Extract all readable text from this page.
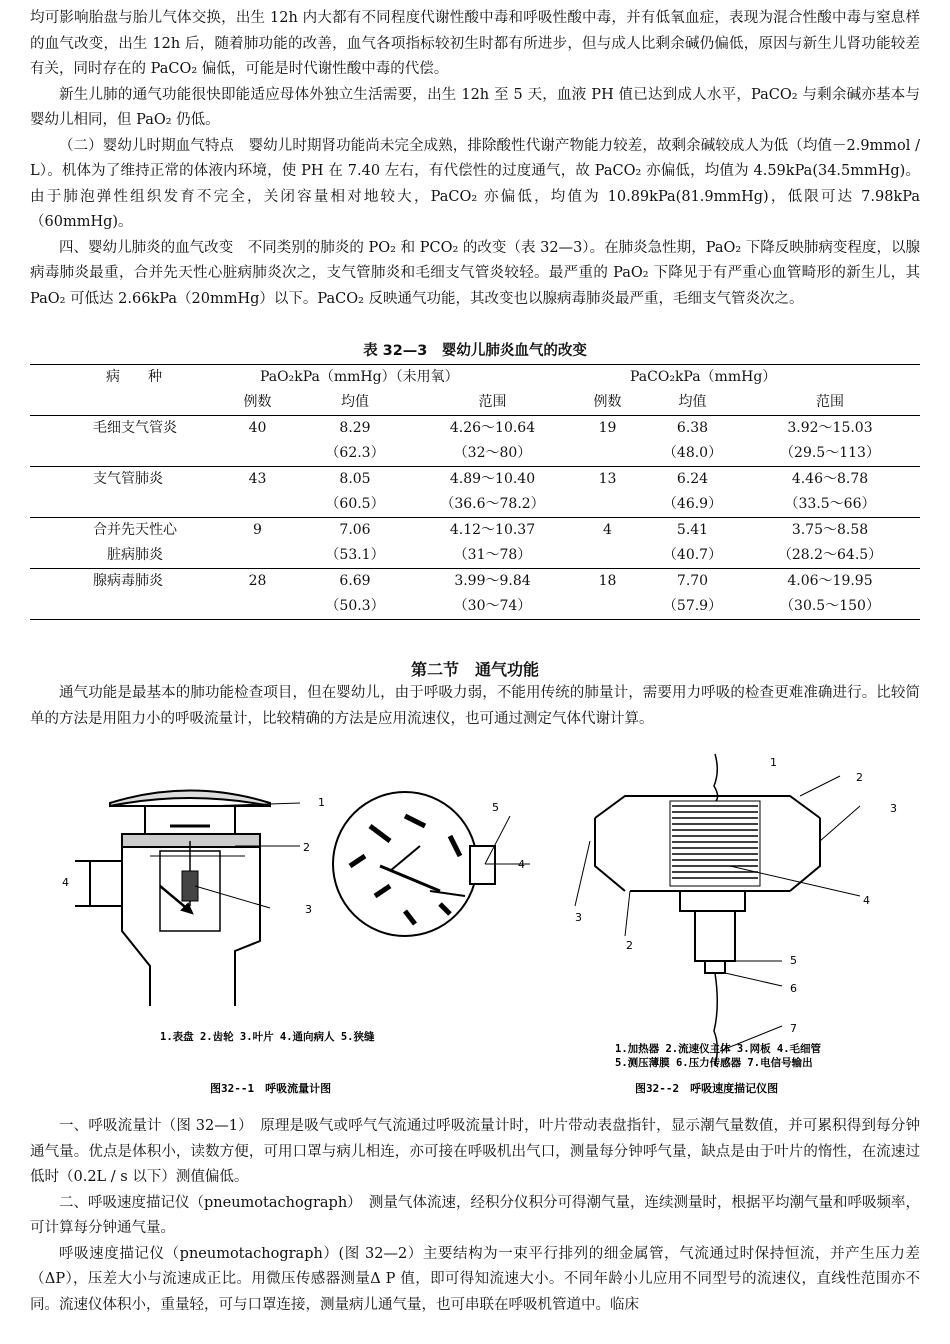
均可影响胎盘与胎儿气体交换，出生 12h 内大都有不同程度代谢性酸中毒和呼吸性酸中毒，并有低氧血症，表现为混合性酸中毒与窒息样的血气改变，出生 12h 后，随着肺功能的改善，血气各项指标较初生时都有所进步，但与成人比剩余碱仍偏低，原因与新生儿肾功能较差有关，同时存在的 PaCO₂ 偏低，可能是时代谢性酸中毒的代偿。

新生儿肺的通气功能很快即能适应母体外独立生活需要，出生 12h 至 5 天，血液 PH 值已达到成人水平，PaCO₂ 与剩余碱亦基本与婴幼儿相同，但 PaO₂ 仍低。

（二）婴幼儿时期血气特点　婴幼儿时期肾功能尚未完全成熟，排除酸性代谢产物能力较差，故剩余碱较成人为低（均值－2.9mmol / L）。机体为了维持正常的体液内环境，使 PH 在 7.40 左右，有代偿性的过度通气，故 PaCO₂ 亦偏低，均值为 4.59kPa(34.5mmHg)。由于肺泡弹性组织发育不完全，关闭容量相对地较大，PaCO₂ 亦偏低，均值为 10.89kPa(81.9mmHg)，低限可达 7.98kPa（60mmHg)。

四、婴幼儿肺炎的血气改变　不同类别的肺炎的 PO₂ 和 PCO₂ 的改变（表 32—3）。在肺炎急性期，PaO₂ 下降反映肺病变程度，以腺病毒肺炎最重，合并先天性心脏病肺炎次之，支气管肺炎和毛细支气管炎较轻。最严重的 PaO₂ 下降见于有严重心血管畸形的新生儿，其 PaO₂ 可低达 2.66kPa（20mmHg）以下。PaCO₂ 反映通气功能，其改变也以腺病毒肺炎最严重，毛细支气管炎次之。

表 32—3　婴幼儿肺炎血气的改变
病　　种	PaO₂kPa（mmHg）（未用氧）			PaCO₂kPa（mmHg）		
	例数	均值	范围	例数	均值	范围
毛细支气管炎	40	8.29	4.26～10.64	19	6.38	3.92～15.03
		（62.3）	（32～80）		（48.0）	（29.5～113）
支气管肺炎	43	8.05	4.89～10.40	13	6.24	4.46～8.78
		（60.5）	（36.6～78.2）		（46.9）	（33.5～66）
合并先天性心	9	7.06	4.12～10.37	4	5.41	3.75～8.58
脏病肺炎		（53.1）	（31～78）		（40.7）	（28.2～64.5）
腺病毒肺炎	28	6.69	3.99～9.84	18	7.70	4.06～19.95
		（50.3）	（30～74）		（57.9）	（30.5～150）
第二节　通气功能

通气功能是最基本的肺功能检查项目，但在婴幼儿，由于呼吸力弱，不能用传统的肺量计，需要用力呼吸的检查更难准确进行。比较简单的方法是用阻力小的呼吸流量计，比较精确的方法是应用流速仪，也可通过测定气体代谢计算。

1
2
3
4
5
4
1
2
3
4
3
2
5
6
7
1.表盘 2.齿轮 3.叶片 4.通向病人 5.狭缝
图32--1　呼吸流量计图
1.加热器 2.流速仪主体 3.网板 4.毛细管
5.测压薄膜 6.压力传感器 7.电信号输出
图32--2　呼吸速度描记仪图

一、呼吸流量计（图 32—1）　原理是吸气或呼气气流通过呼吸流量计时，叶片带动表盘指针，显示潮气量数值，并可累积得到每分钟通气量。优点是体积小，读数方便，可用口罩与病儿相连，亦可接在呼吸机出气口，测量每分钟呼气量，缺点是由于叶片的惰性，在流速过低时（0.2L / s 以下）测值偏低。

二、呼吸速度描记仪（pneumotachograph）　测量气体流速，经积分仪积分可得潮气量，连续测量时，根据平均潮气量和呼吸频率，可计算每分钟通气量。

呼吸速度描记仪（pneumotachograph）(图 32—2）主要结构为一束平行排列的细金属管，气流通过时保持恒流，并产生压力差（ΔP），压差大小与流速成正比。用微压传感器测量Δ P 值，即可得知流速大小。不同年龄小儿应用不同型号的流速仪，直线性范围亦不同。流速仪体积小，重量轻，可与口罩连接，测量病儿通气量，也可串联在呼吸机管道中。临床
